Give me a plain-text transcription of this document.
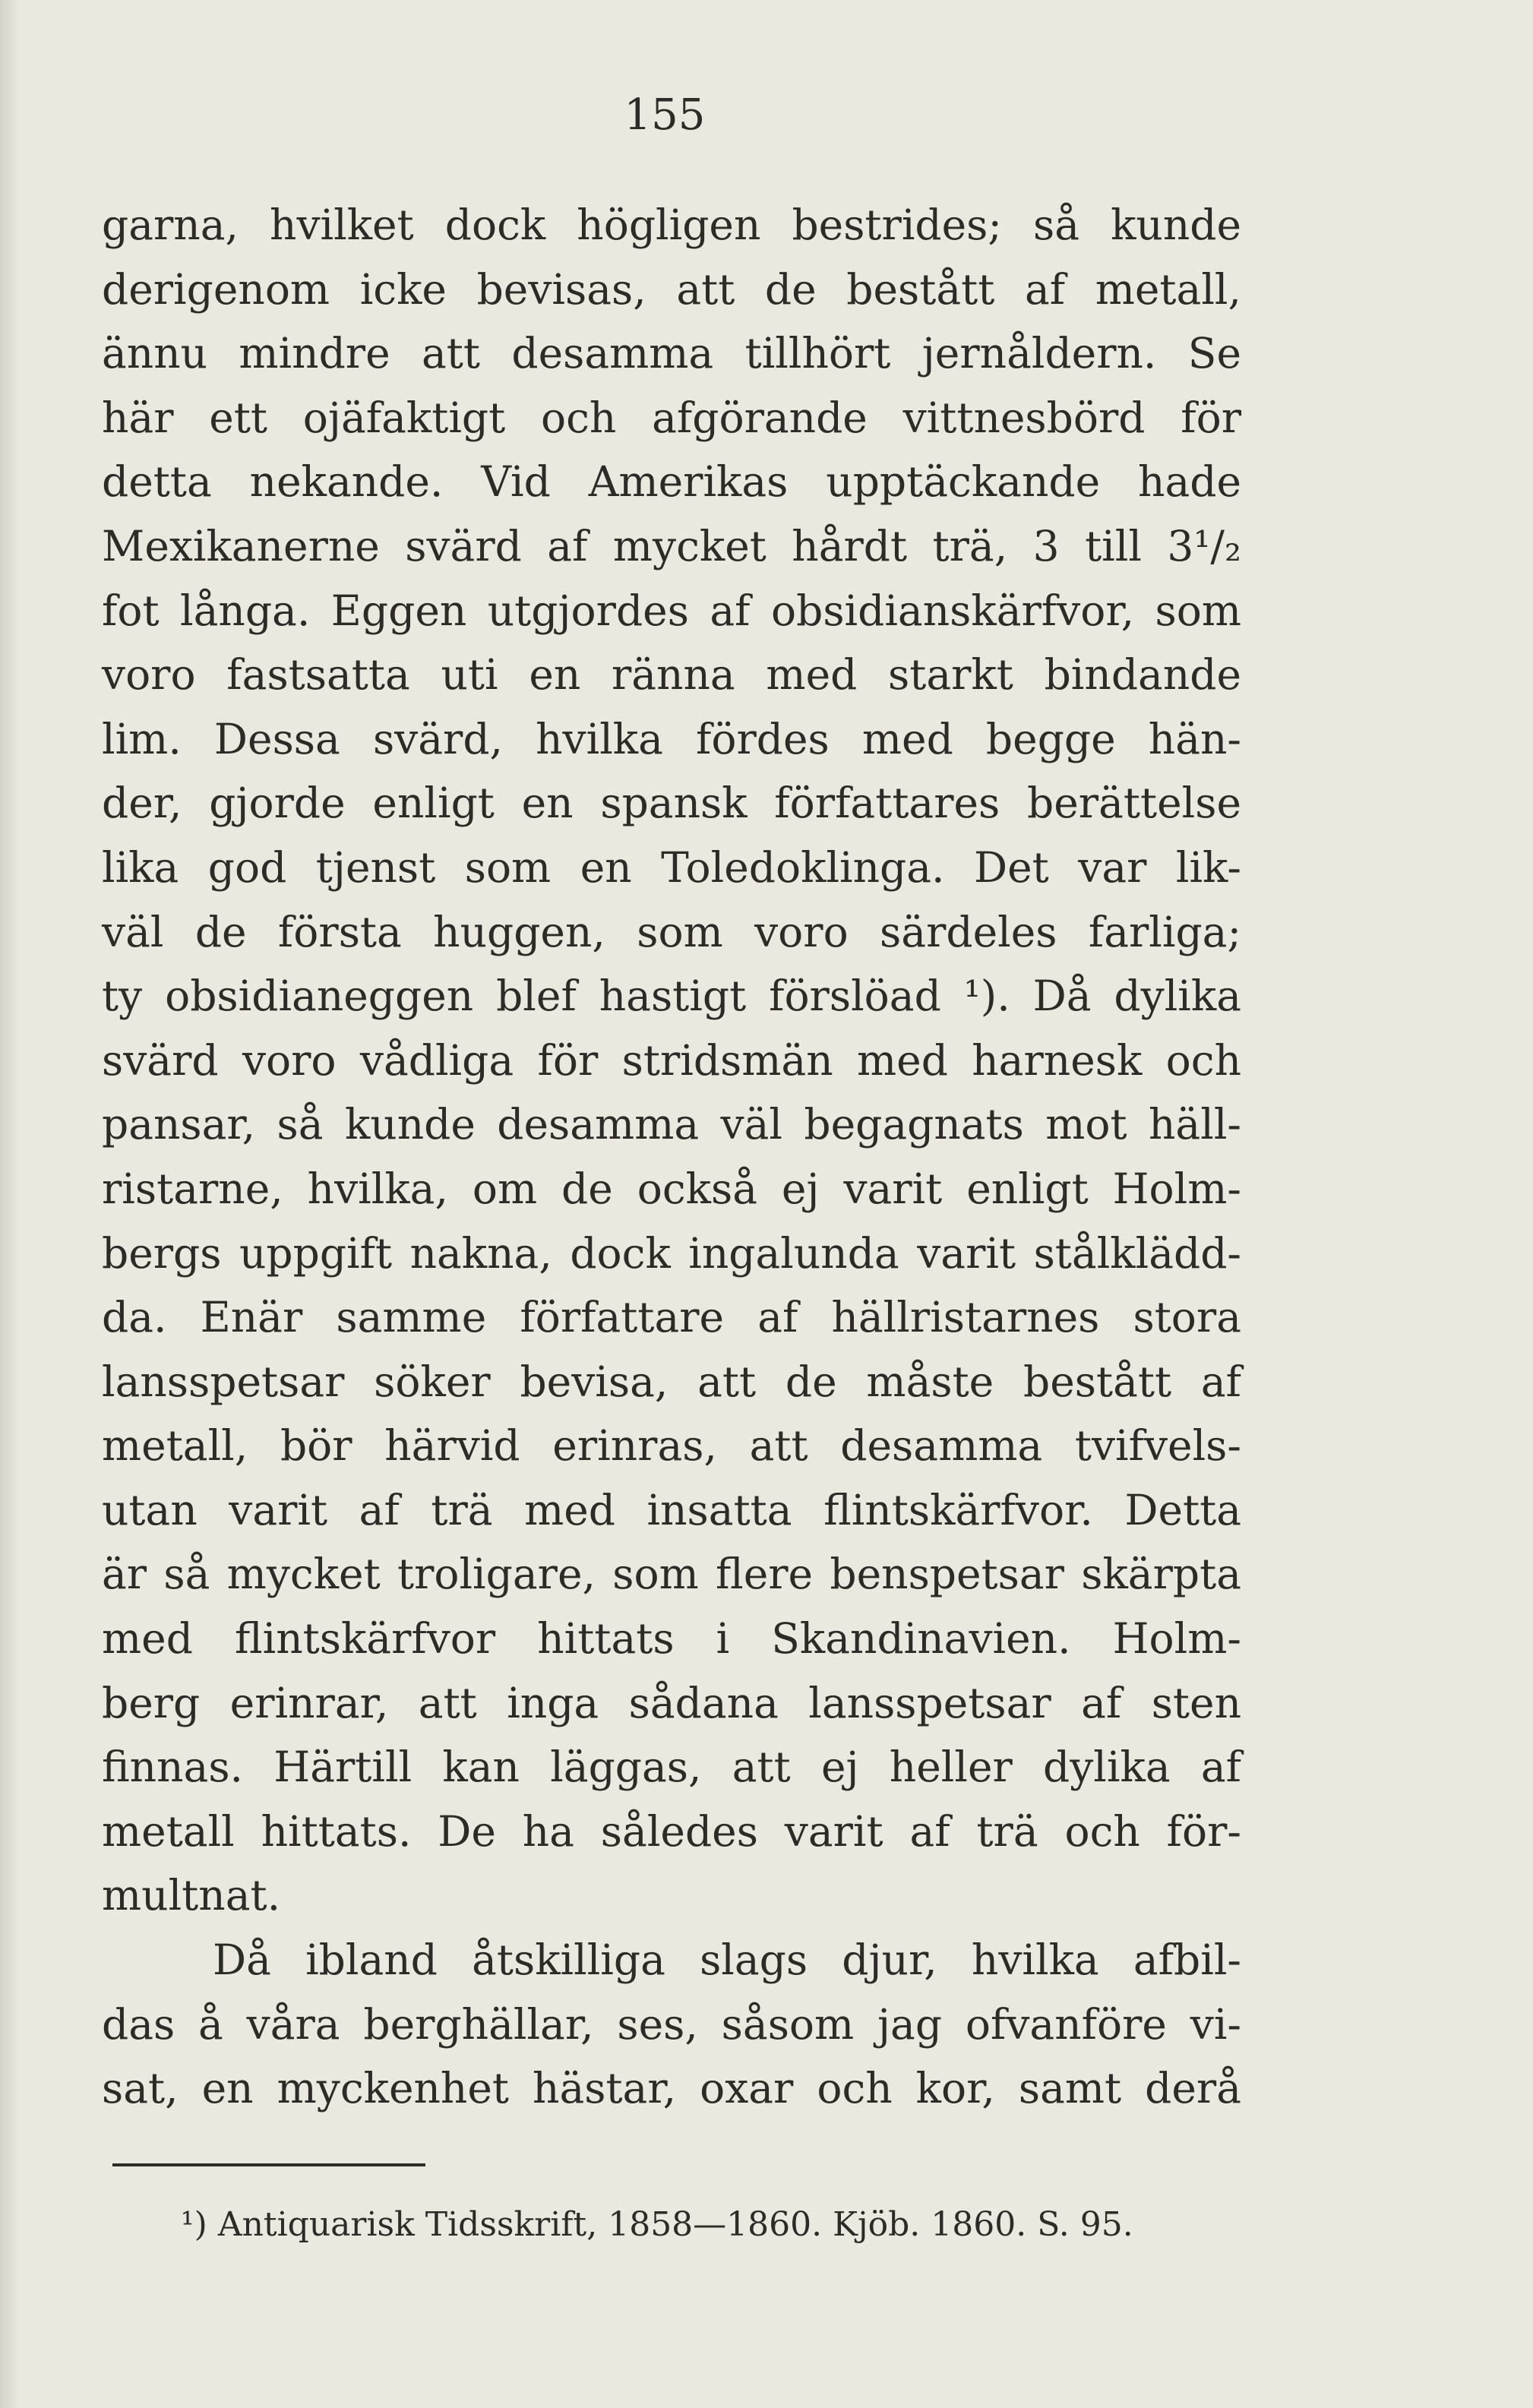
155
garna, hvilket dock högligen bestrides; så kunde
derigenom icke bevisas, att de bestått af metall,
ännu mindre att desamma tillhört jernåldern. Se
här ett ojäfaktigt och afgörande vittnesbörd för
detta nekande. Vid Amerikas upptäckande hade
Mexikanerne svärd af mycket hårdt trä, 3 till 3¹/₂
fot långa. Eggen utgjordes af obsidianskärfvor, som
voro fastsatta uti en ränna med starkt bindande
lim. Dessa svärd, hvilka fördes med begge hän-
der, gjorde enligt en spansk författares berättelse
lika god tjenst som en Toledoklinga. Det var lik-
väl de första huggen, som voro särdeles farliga;
ty obsidianeggen blef hastigt förslöad ¹). Då dylika
svärd voro vådliga för stridsmän med harnesk och
pansar, så kunde desamma väl begagnats mot häll-
ristarne, hvilka, om de också ej varit enligt Holm-
bergs uppgift nakna, dock ingalunda varit stålklädd-
da. Enär samme författare af hällristarnes stora
lansspetsar söker bevisa, att de måste bestått af
metall, bör härvid erinras, att desamma tvifvels-
utan varit af trä med insatta flintskärfvor. Detta
är så mycket troligare, som flere benspetsar skärpta
med flintskärfvor hittats i Skandinavien. Holm-
berg erinrar, att inga sådana lansspetsar af sten
finnas. Härtill kan läggas, att ej heller dylika af
metall hittats. De ha således varit af trä och för-
multnat.
Då ibland åtskilliga slags djur, hvilka afbil-
das å våra berghällar, ses, såsom jag ofvanföre vi-
sat, en myckenhet hästar, oxar och kor, samt derå
¹) Antiquarisk Tidsskrift, 1858—1860. Kjöb. 1860. S. 95.
